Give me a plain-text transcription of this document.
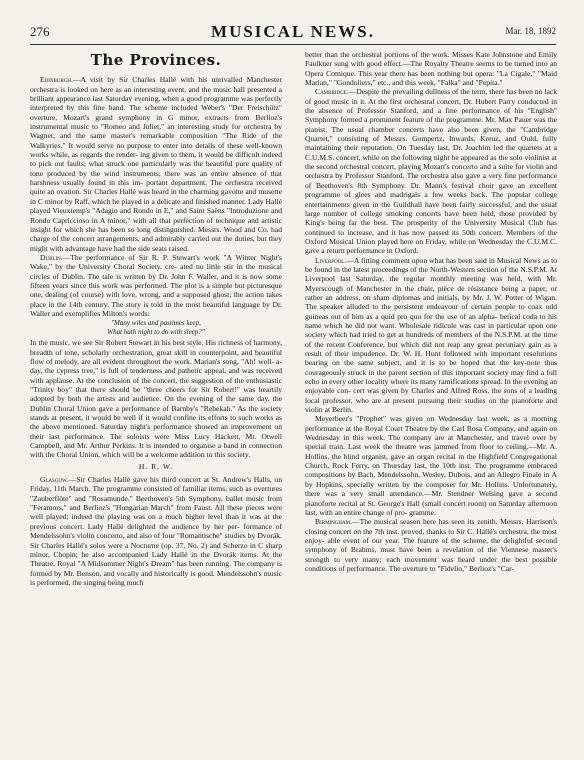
276	MUSICAL NEWS.	Mar. 18, 1892
The Provinces.

Edinburgh.—A visit by Sir Charles Hallé with his unrivalled Manchester orchestra is looked on here as an interesting event, and the music hall presented a brilliant appearance last Saturday evening, when a good programme was perfectly interpreted by this fine band. The scheme included Weber's "Der Freischütz" overture, Mozart's grand symphony in G minor, extracts from Berlioz's instrumental music to "Romeo and Juliet," an interesting study for orchestra by Wagner, and the same master's remarkable composition "The Ride of the Walkyries." It would serve no purpose to enter into details of these well-known works while, as regards the render- ing given to them, it would be difficult indeed to pick out faults; what struck one particularly was the beautiful pure quality of tone produced by the wind instruments; there was an entire absence of that harshness usually found in this im- portant department. The orchestra received quite an ovation. Sir Charles Hallé was heard in the charming gavotte and musette in C minor by Raff, which he played in a delicate and finished manner. Lady Hallé played Vieuxtemp's "Adagio and Rondo in E," and Saint Saëns "Introduzione and Rondo Capriccioso in A minor," with all that perfection of technique and artistic insight for which she has been so long distinguished. Messrs. Wood and Co. had charge of the concert arrangements, and admirably carried out the duties, but they might with advantage have had the side seats raised.

Dublin.—The performance of Sir R. P. Stewart's work "A Winter Night's Wake," by the University Choral Society, cre- ated no little stir in the musical circles of Dublin. The tale is written by Dr. John F. Waller, and it is now some fifteen years since this work was performed. The plot is a simple but picturesque one, dealing (of course) with love, wrong, and a supposed ghost; the action takes place in the 14th century. The story is told in the most beautiful language by Dr. Waller and exemplifies Milton's words:

"Many wiles and pastimes keep,
What hath night to do with sleep?"

In the music, we see Sir Robert Stewart in his best style. His richness of harmony, breadth of tone, scholarly orchestration, great skill in counterpoint, and beautiful flow of melody, are all evident throughout the work. Marian's song, "Ah! well- a-day, the cypress tree," is full of tenderness and pathetic appeal, and was received with applause. At the conclusion of the concert, the suggestion of the enthusiastic "Trinity boy" that there should be "three cheers for Sir Robert!" was heartily adopted by both the artists and audience. On the evening of the same day, the Dublin Choral Union gave a performance of Barnby's "Rebekah." As the society stands at present, it would be well if it would confine its efforts to such works as the above mentioned. Saturday night's performance showed an improvement on their last performance. The soloists were Miss Lucy Hackett, Mr. Otwell Campbell, and Mr. Arthur Perkins. It is intended to organise a band in connection with the Choral Union, which will be a welcome addition to this society.

H. R. W.

Glasgow.—Sir Charles Hallé gave his third concert at St. Andrew's Halls, on Friday, 11th March. The programme consisted of familiar items, such as overtures "Zauberflöte" and "Rosamunde." Beethoven's 5th Symphony, ballet music from "Feramors," and Berlioz's "Hungarian March" from Faust. All these pieces were well played; indeed the playing was on a much higher level than it was at the previous concert. Lady Hallé delighted the audience by her per- formance of Mendelssohn's violin concerto, and also of four "Romantische" studies by Dvorák. Sir Charles Hallé's solos were a Nocturne (op. 37, No. 2) and Scherzo in C sharp minor, Chopin; he also accompanied Lady Hallé in the Dvorák items. At the Theatre, Royal "A Midsummer Night's Dream" has been running. The company is formed by Mr. Benson, and vocally and historically is good. Mendelssohn's music is performed, the singing being much

better than the orchestral portions of the work. Misses Kate Johnstone and Emily Faulkner sung with good effect.—The Royalty Theatre seems to be turned into an Opera Comique. This year there has been nothing but opera: "La Cigale," "Maid Marian," "Gondoliers," etc., and this week, "Falka" and "Pepita."

Cambridge.—Despite the prevailing dullness of the term, there has been no lack of good music in it. At the first orchestral concert, Dr. Hubert Parry conducted in the absence of Professor Stanford, and a fine performance of his "English" Symphony formed a prominent feature of the programme. Mr. Max Pauer was the pianist. The usual chamber concerts have also been given, the "Cambridge Quartet," consisting of Messrs. Gompertz, Inwards, Kreuz, and Ould, fully maintaining their reputation. On Tuesday last, Dr. Joachim led the quartets at a C.U.M.S. concert, while on the following night he appeared as the solo violinist at the second orchestral concert, playing Mozart's concerto and a suite for violin and orchestra by Professor Stanford. The orchestra also gave a very fine performance of Beethoven's 8th Symphony. Dr. Mann's festival choir gave an excellent programme of glees and madrigals a few weeks back. The popular college entertainments given in the Guildhall have been fairly successful, and the usual large number of college smoking concerts have been held, those provided by King's being far the best. The prosperity of the University Musical Club has continued to increase, and it has now passed its 50th concert. Members of the Oxford Musical Union played here on Friday, while on Wednesday the C.U.M.C. gave a return performance in Oxford.

Liverpool.—A fitting comment upon what has been said in Musical News as to be found in the latest proceedings of the North-Western section of the N.S.P.M. At Liverpool last Saturday, the regular monthly meeting was held, with Mr. Myerscough of Manchester in the chair, pièce de résistance being a paper, or rather an address, on sham diplomas and initials, by Mr. J. W. Potter of Wigan. The speaker alluded to the persistent endeavour of certain people to coax odd guineas out of him as a quid pro quo for the use of an alpha- betical coda to his name which he did not want. Wholesale ridicule was cast in particular upon one society which had tried to get at hundreds of members of the N.S.P.M. at the time of the recent Conference, but which did not reap any great pecuniary gain as a result of their impudence. Dr. W. H. Hunt followed with important resolutions bearing on the same subject, and it is to be hoped that the key-note thus courageously struck in the parent section of this important society may find a full echo in every other locality where its many ramifications spread. In the evening an enjoyable con- cert was given by Charles and Alfred Ross, the sons of a leading local professor, who are at present pursuing their studies on the pianoforte and violin at Berlin.

Meyerbeer's "Prophet" was given on Wednesday last week, as a morning performance at the Royal Court Theatre by the Carl Rosa Company, and again on Wednesday in this week. The company are at Manchester, and travel over by special train. Last week the theatre was jammed from floor to ceiling.—Mr. A. Hollins, the blind organist, gave an organ recital in the Highfield Congregational Church, Rock Ferry, on Thursday last, the 10th inst. The programme embraced compositions by Bach, Mendelssohn, Wesley, Dubois, and an Allegro Finale in A by Hopkins, specially written by the composer for Mr. Hollins. Unfortunately, there was a very small attendance.—Mr. Stendner Welsing gave a second pianoforte recital at St. George's Hall (small concert room) on Saturday afternoon last, with an entire change of pro- gramme.

Birmingham.—The musical season here has seen its zenith. Messrs. Harrison's closing concert on the 7th inst. proved, thanks to Sir C. Hallé's orchestra, the most enjoy- able event of our year. The feature of the scheme, the delightful second symphony of Brahms, must have been a revelation of the Viennese master's strength to very many; each movement was heard under the best possible conditions of performance. The overture to "Fidelio," Berlioz's "Car-
